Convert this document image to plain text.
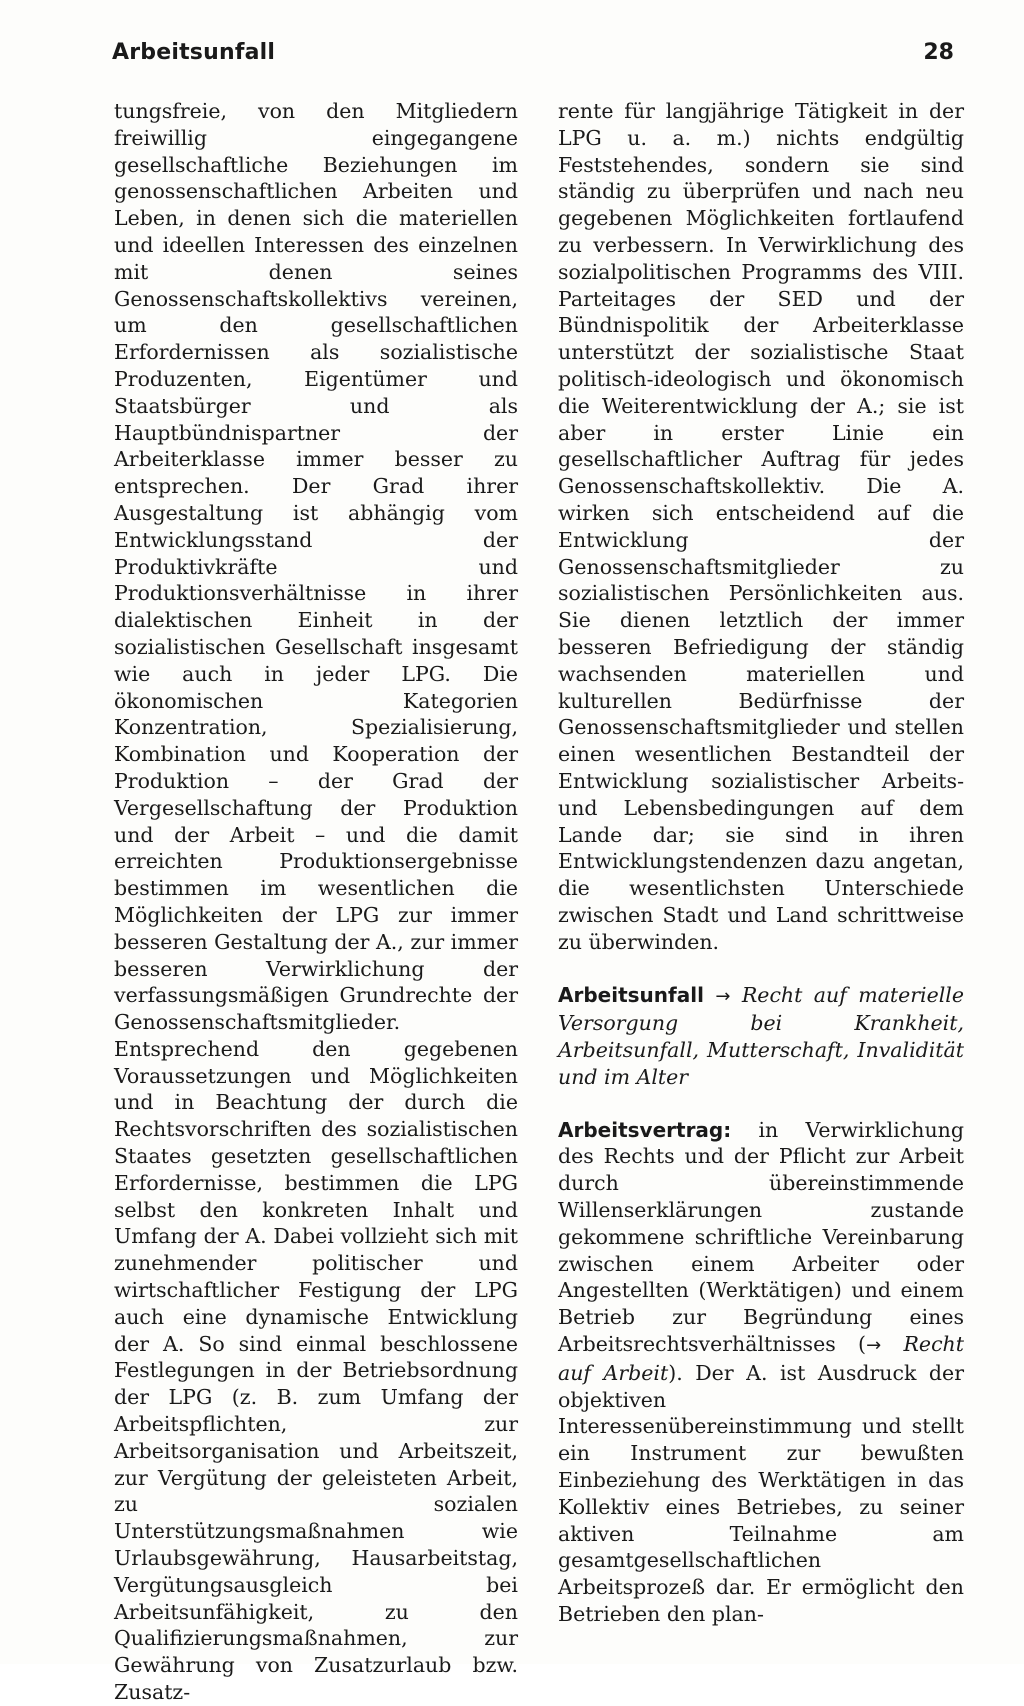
Arbeitsunfall	28

tungsfreie, von den Mitgliedern freiwillig eingegangene gesellschaftliche Beziehungen im genossenschaftlichen Arbeiten und Leben, in denen sich die materiellen und ideellen Interessen des einzelnen mit denen seines Genossenschaftskollektivs vereinen, um den gesellschaftlichen Erfordernissen als sozialistische Produzenten, Eigentümer und Staatsbürger und als Hauptbündnispartner der Arbeiterklasse immer besser zu entsprechen. Der Grad ihrer Ausgestaltung ist abhängig vom Entwicklungsstand der Produktivkräfte und Produktionsverhältnisse in ihrer dialektischen Einheit in der sozialistischen Gesellschaft insgesamt wie auch in jeder LPG. Die ökonomischen Kategorien Konzentration, Spezialisierung, Kombination und Kooperation der Produktion – der Grad der Vergesellschaftung der Produktion und der Arbeit – und die damit erreichten Produktionsergebnisse bestimmen im wesentlichen die Möglichkeiten der LPG zur immer besseren Gestaltung der A., zur immer besseren Verwirklichung der verfassungsmäßigen Grundrechte der Genossenschaftsmitglieder. Entsprechend den gegebenen Voraussetzungen und Möglichkeiten und in Beachtung der durch die Rechtsvorschriften des sozialistischen Staates gesetzten gesellschaftlichen Erfordernisse, bestimmen die LPG selbst den konkreten Inhalt und Umfang der A. Dabei vollzieht sich mit zunehmender politischer und wirtschaftlicher Festigung der LPG auch eine dynamische Entwicklung der A. So sind einmal beschlossene Festlegungen in der Betriebsordnung der LPG (z. B. zum Umfang der Arbeitspflichten, zur Arbeitsorganisation und Arbeitszeit, zur Vergütung der geleisteten Arbeit, zu sozialen Unterstützungsmaßnahmen wie Urlaubsgewährung, Hausarbeitstag, Vergütungsausgleich bei Arbeitsunfähigkeit, zu den Qualifizierungsmaßnahmen, zur Gewährung von Zusatzurlaub bzw. Zusatz-

rente für langjährige Tätigkeit in der LPG u. a. m.) nichts endgültig Feststehendes, sondern sie sind ständig zu überprüfen und nach neu gegebenen Möglichkeiten fortlaufend zu verbessern. In Verwirklichung des sozialpolitischen Programms des VIII. Parteitages der SED und der Bündnispolitik der Arbeiterklasse unterstützt der sozialistische Staat politisch-ideologisch und ökonomisch die Weiterentwicklung der A.; sie ist aber in erster Linie ein gesellschaftlicher Auftrag für jedes Genossenschaftskollektiv. Die A. wirken sich entscheidend auf die Entwicklung der Genossenschaftsmitglieder zu sozialistischen Persönlichkeiten aus. Sie dienen letztlich der immer besseren Befriedigung der ständig wachsenden materiellen und kulturellen Bedürfnisse der Genossenschaftsmitglieder und stellen einen wesentlichen Bestandteil der Entwicklung sozialistischer Arbeits- und Lebensbedingungen auf dem Lande dar; sie sind in ihren Entwicklungstendenzen dazu angetan, die wesentlichsten Unterschiede zwischen Stadt und Land schrittweise zu überwinden.

Arbeitsunfall → Recht auf materielle Versorgung bei Krankheit, Arbeitsunfall, Mutterschaft, Invalidität und im Alter

Arbeitsvertrag: in Verwirklichung des Rechts und der Pflicht zur Arbeit durch übereinstimmende Willenserklärungen zustande gekommene schriftliche Vereinbarung zwischen einem Arbeiter oder Angestellten (Werktätigen) und einem Betrieb zur Begründung eines Arbeitsrechtsverhältnisses (→ Recht auf Arbeit). Der A. ist Ausdruck der objektiven Interessenübereinstimmung und stellt ein Instrument zur bewußten Einbeziehung des Werktätigen in das Kollektiv eines Betriebes, zu seiner aktiven Teilnahme am gesamtgesellschaftlichen Arbeitsprozeß dar. Er ermöglicht den Betrieben den plan-
